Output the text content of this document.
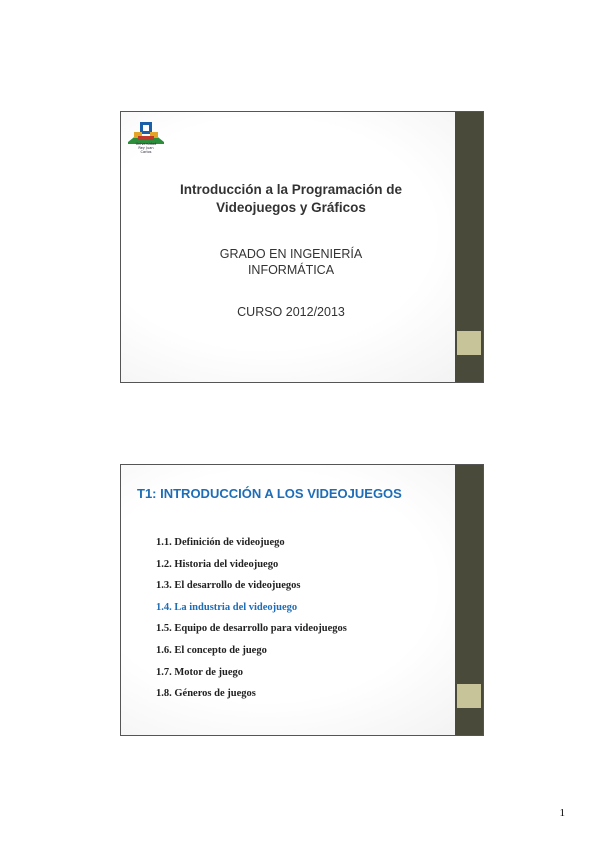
Universidad Rey Juan Carlos
Introducción a la Programación de
Videojuegos y Gráficos
GRADO EN INGENIERÍA
INFORMÁTICA
CURSO 2012/2013
T1: INTRODUCCIÓN A LOS VIDEOJUEGOS
1.1. Definición de videojuego
1.2. Historia del videojuego
1.3. El desarrollo de videojuegos
1.4. La industria del videojuego
1.5. Equipo de desarrollo para videojuegos
1.6. El concepto de juego
1.7. Motor de juego
1.8. Géneros de juegos
1
